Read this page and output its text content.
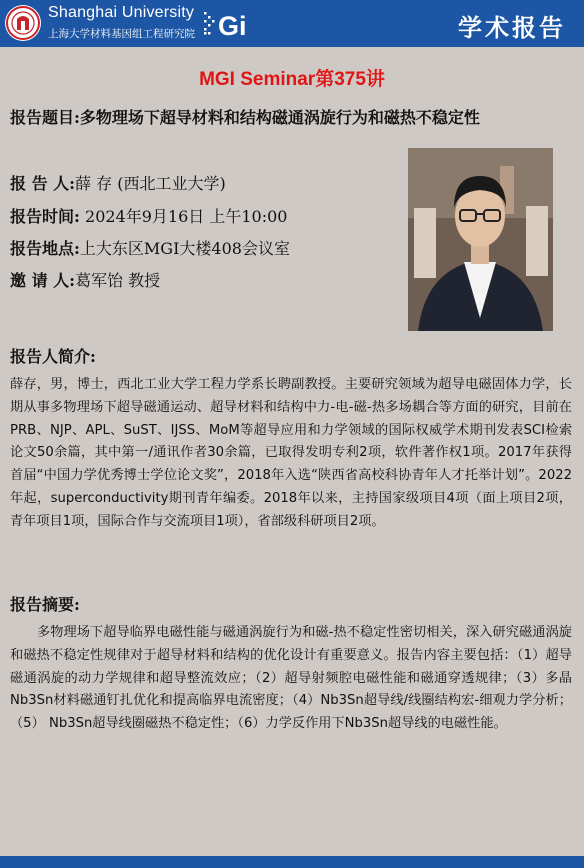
Shanghai University
上海大学材料基因组工程研究院 Gi	学术报告
MGI Seminar第375讲
报告题目:多物理场下超导材料和结构磁通涡旋行为和磁热不稳定性
报 告 人:薛 存 (西北工业大学)
报告时间: 2024年9月16日 上午10:00
报告地点:上大东区MGI大楼408会议室
邀 请 人:葛军饴 教授
报告人简介:
薛存，男，博士，西北工业大学工程力学系长聘副教授。主要研究领域为超导电磁固体力学，长期从事多物理场下超导磁通运动、超导材料和结构中力-电-磁-热多场耦合等方面的研究，目前在PRB、NJP、APL、SuST、IJSS、MoM等超导应用和力学领域的国际权威学术期刊发表SCI检索论文50余篇，其中第一/通讯作者30余篇，已取得发明专利2项，软件著作权1项。2017年获得首届“中国力学优秀博士学位论文奖”，2018年入选“陕西省高校科协青年人才托举计划”。2022年起，superconductivity期刊青年编委。2018年以来，主持国家级项目4项（面上项目2项，青年项目1项，国际合作与交流项目1项），省部级科研项目2项。
报告摘要:
多物理场下超导临界电磁性能与磁通涡旋行为和磁-热不稳定性密切相关，深入研究磁通涡旋和磁热不稳定性规律对于超导材料和结构的优化设计有重要意义。报告内容主要包括：（1）超导磁通涡旋的动力学规律和超导整流效应；（2）超导射频腔电磁性能和磁通穿透规律；（3）多晶Nb3Sn材料磁通钉扎优化和提高临界电流密度；（4）Nb3Sn超导线/线圈结构宏-细观力学分析；（5） Nb3Sn超导线圈磁热不稳定性；（6）力学反作用下Nb3Sn超导线的电磁性能。
